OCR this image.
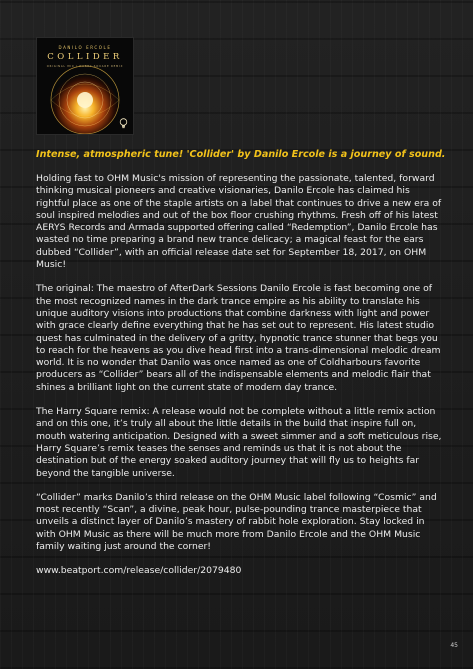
DANILO ERCOLE
COLLIDER
ORIGINAL MIX / HARRY SQUARE REMIX

Intense, atmospheric tune! 'Collider' by Danilo Ercole is a journey of sound.

Holding fast to OHM Music's mission of representing the passionate, talented, forward thinking musical pioneers and creative visionaries, Danilo Ercole has claimed his rightful place as one of the staple artists on a label that continues to drive a new era of soul inspired melodies and out of the box floor crushing rhythms. Fresh off of his latest AERYS Records and Armada supported offering called “Redemption”, Danilo Ercole has wasted no time preparing a brand new trance delicacy; a magical feast for the ears dubbed “Collider”, with an official release date set for September 18, 2017, on OHM Music!

The original: The maestro of AfterDark Sessions Danilo Ercole is fast becoming one of the most recognized names in the dark trance empire as his ability to translate his unique auditory visions into productions that combine darkness with light and power with grace clearly define everything that he has set out to represent. His latest studio quest has culminated in the delivery of a gritty, hypnotic trance stunner that begs you to reach for the heavens as you dive head first into a trans-dimensional melodic dream world. It is no wonder that Danilo was once named as one of Coldharbours favorite producers as “Collider” bears all of the indispensable elements and melodic flair that shines a brilliant light on the current state of modern day trance.

The Harry Square remix: A release would not be complete without a little remix action and on this one, it’s truly all about the little details in the build that inspire full on, mouth watering anticipation. Designed with a sweet simmer and a soft meticulous rise, Harry Square’s remix teases the senses and reminds us that it is not about the destination but of the energy soaked auditory journey that will fly us to heights far beyond the tangible universe.

“Collider” marks Danilo’s third release on the OHM Music label following “Cosmic” and most recently “Scan”, a divine, peak hour, pulse-pounding trance masterpiece that unveils a distinct layer of Danilo’s mastery of rabbit hole exploration. Stay locked in with OHM Music as there will be much more from Danilo Ercole and the OHM Music family waiting just around the corner!

www.beatport.com/release/collider/2079480

45
